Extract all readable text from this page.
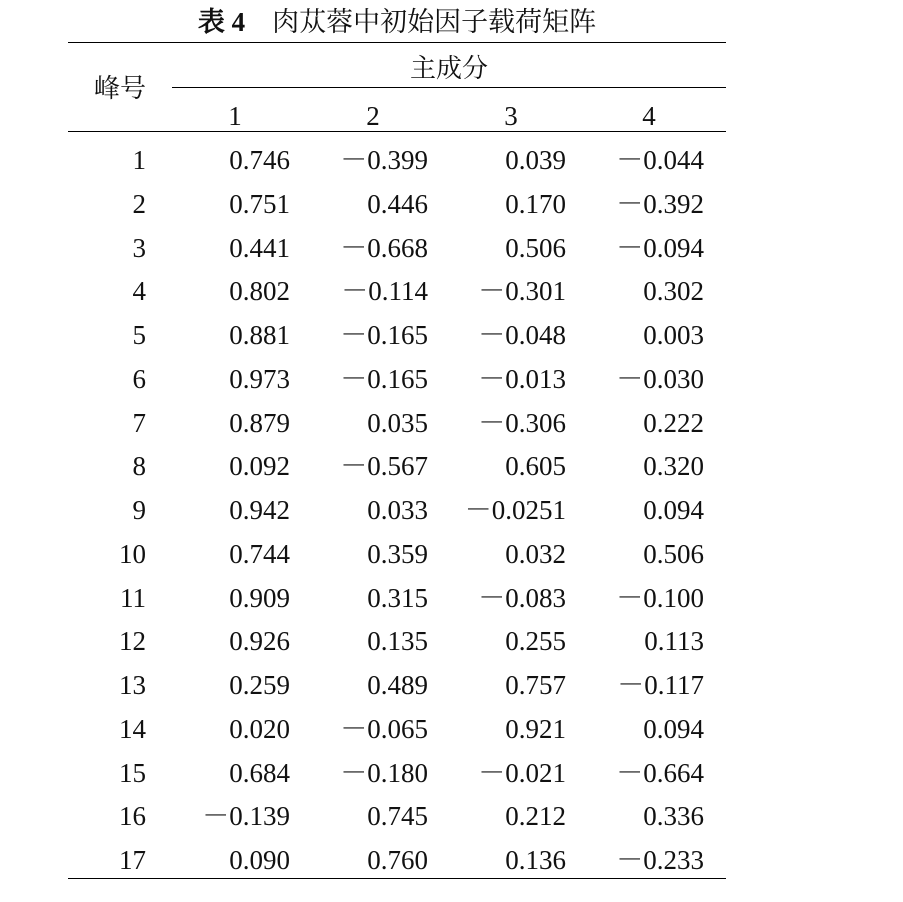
表 4 肉苁蓉中初始因子载荷矩阵
峰号
主成分
1	2	3	4
1	0.746	－0.399	0.039	－0.044
2	0.751	0.446	0.170	－0.392
3	0.441	－0.668	0.506	－0.094
4	0.802	－0.114	－0.301	0.302
5	0.881	－0.165	－0.048	0.003
6	0.973	－0.165	－0.013	－0.030
7	0.879	0.035	－0.306	0.222
8	0.092	－0.567	0.605	0.320
9	0.942	0.033	－0.0251	0.094
10	0.744	0.359	0.032	0.506
11	0.909	0.315	－0.083	－0.100
12	0.926	0.135	0.255	0.113
13	0.259	0.489	0.757	－0.117
14	0.020	－0.065	0.921	0.094
15	0.684	－0.180	－0.021	－0.664
16	－0.139	0.745	0.212	0.336
17	0.090	0.760	0.136	－0.233
